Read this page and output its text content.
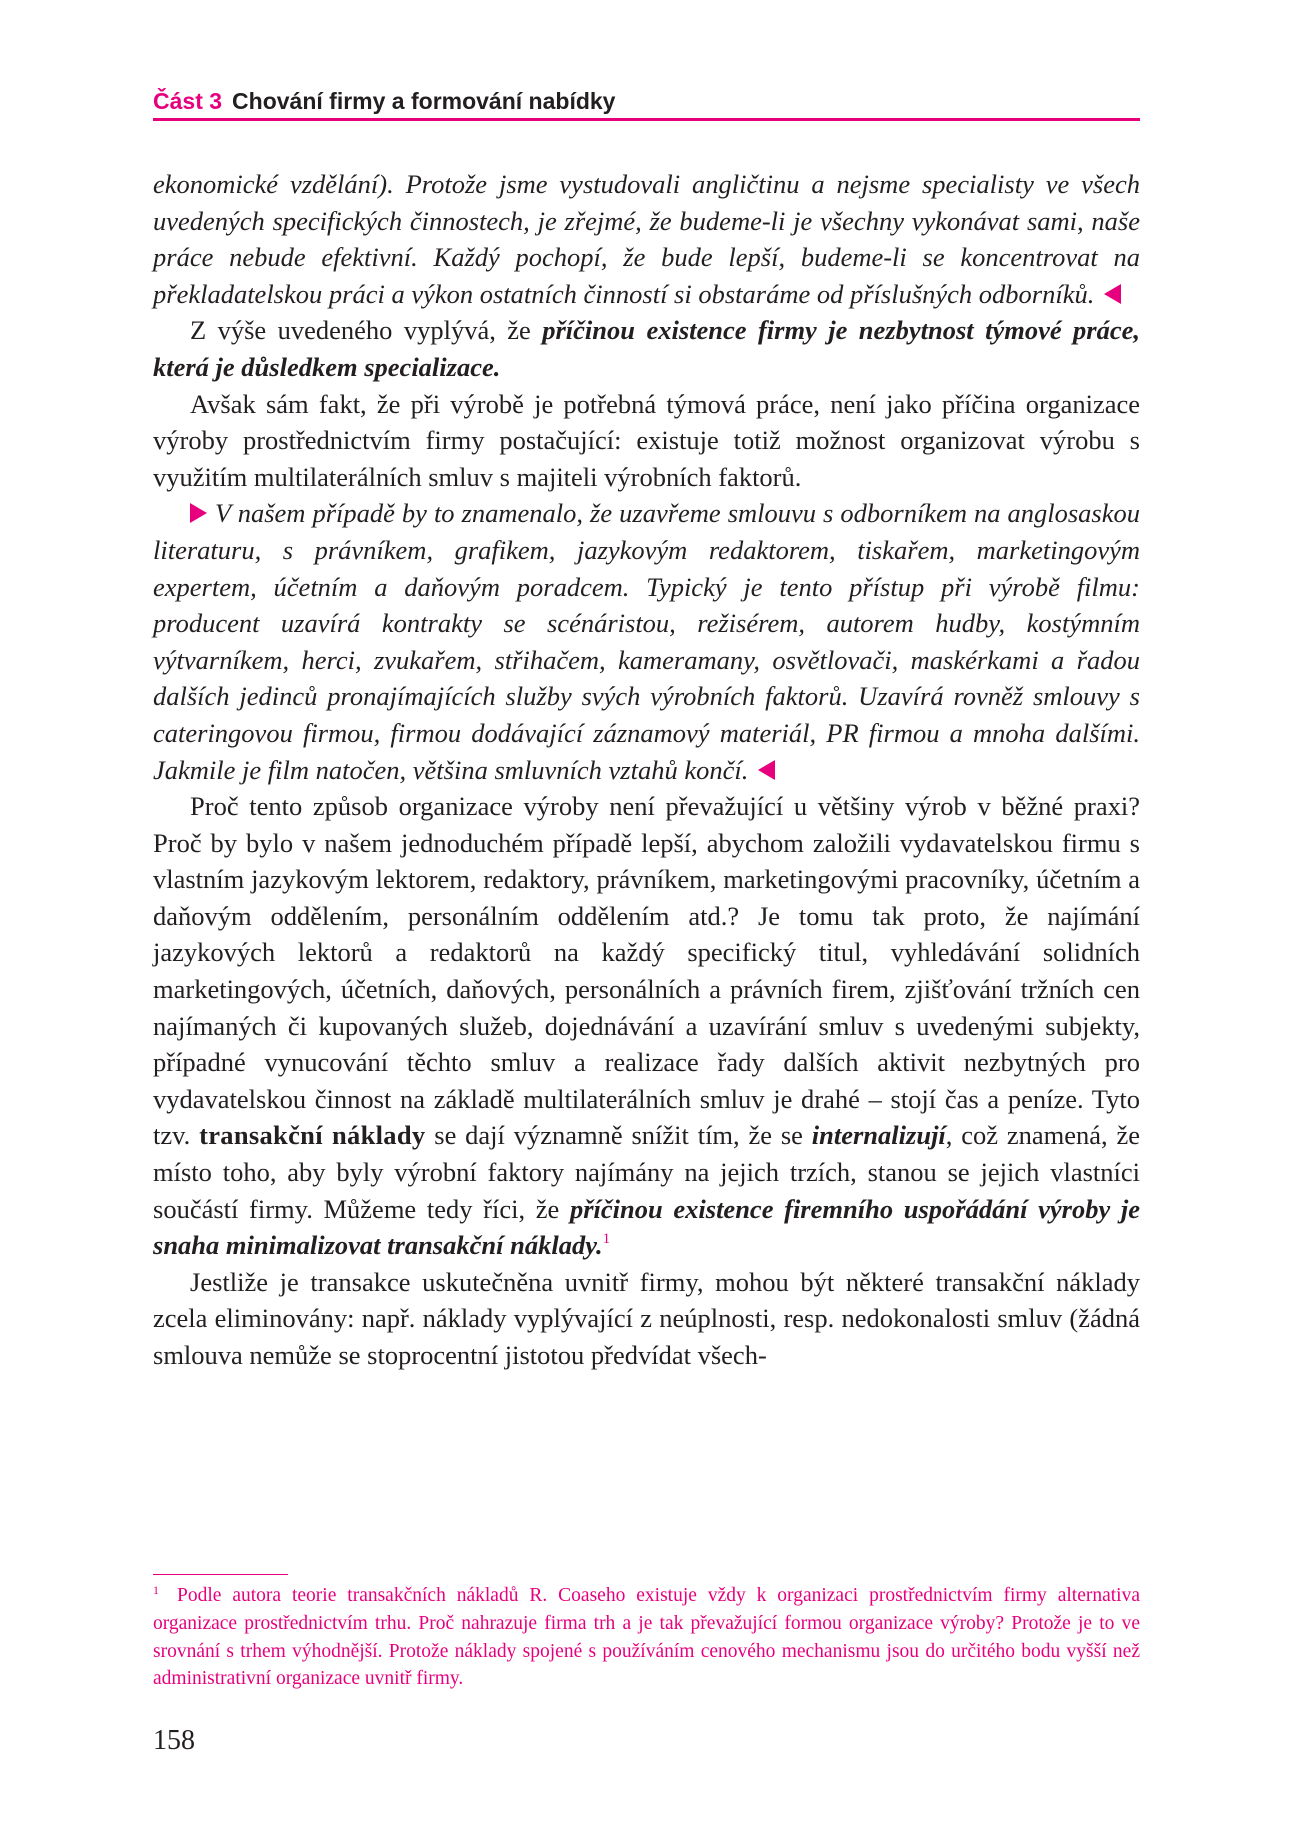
Část 3 Chování firmy a formování nabídky

ekonomické vzdělání). Protože jsme vystudovali angličtinu a nejsme specialisty ve všech uvedených specifických činnostech, je zřejmé, že budeme-li je všechny vykonávat sami, naše práce nebude efektivní. Každý pochopí, že bude lepší, budeme-li se koncentrovat na překladatelskou práci a výkon ostatních činností si obstaráme od příslušných odborníků.

Z výše uvedeného vyplývá, že příčinou existence firmy je nezbytnost týmové práce, která je důsledkem specializace.

Avšak sám fakt, že při výrobě je potřebná týmová práce, není jako příčina organizace výroby prostřednictvím firmy postačující: existuje totiž možnost organizovat výrobu s využitím multilaterálních smluv s majiteli výrobních faktorů.

V našem případě by to znamenalo, že uzavřeme smlouvu s odborníkem na anglosaskou literaturu, s právníkem, grafikem, jazykovým redaktorem, tiskařem, marketingovým expertem, účetním a daňovým poradcem. Typický je tento přístup při výrobě filmu: producent uzavírá kontrakty se scénáristou, režisérem, autorem hudby, kostýmním výtvarníkem, herci, zvukařem, střihačem, kameramany, osvětlovači, maskérkami a řadou dalších jedinců pronajímajících služby svých výrobních faktorů. Uzavírá rovněž smlouvy s cateringovou firmou, firmou dodávající záznamový materiál, PR firmou a mnoha dalšími. Jakmile je film natočen, většina smluvních vztahů končí.

Proč tento způsob organizace výroby není převažující u většiny výrob v běžné praxi? Proč by bylo v našem jednoduchém případě lepší, abychom založili vydavatelskou firmu s vlastním jazykovým lektorem, redaktory, právníkem, marketingovými pracovníky, účetním a daňovým oddělením, personálním oddělením atd.? Je tomu tak proto, že najímání jazykových lektorů a redaktorů na každý specifický titul, vyhledávání solidních marketingových, účetních, daňových, personálních a právních firem, zjišťování tržních cen najímaných či kupovaných služeb, dojednávání a uzavírání smluv s uvedenými subjekty, případné vynucování těchto smluv a realizace řady dalších aktivit nezbytných pro vydavatelskou činnost na základě multilaterálních smluv je drahé – stojí čas a peníze. Tyto tzv. transakční náklady se dají významně snížit tím, že se internalizují, což znamená, že místo toho, aby byly výrobní faktory najímány na jejich trzích, stanou se jejich vlastníci součástí firmy. Můžeme tedy říci, že příčinou existence firemního uspořádání výroby je snaha minimalizovat transakční náklady.$^1$

Jestliže je transakce uskutečněna uvnitř firmy, mohou být některé transakční náklady zcela eliminovány: např. náklady vyplývající z neúplnosti, resp. nedokonalosti smluv (žádná smlouva nemůže se stoprocentní jistotou předvídat všech-

$^1$ Podle autora teorie transakčních nákladů R. Coaseho existuje vždy k organizaci prostřednictvím firmy alternativa organizace prostřednictvím trhu. Proč nahrazuje firma trh a je tak převažující formou organizace výroby? Protože je to ve srovnání s trhem výhodnější. Protože náklady spojené s používáním cenového mechanismu jsou do určitého bodu vyšší než administrativní organizace uvnitř firmy.
158
